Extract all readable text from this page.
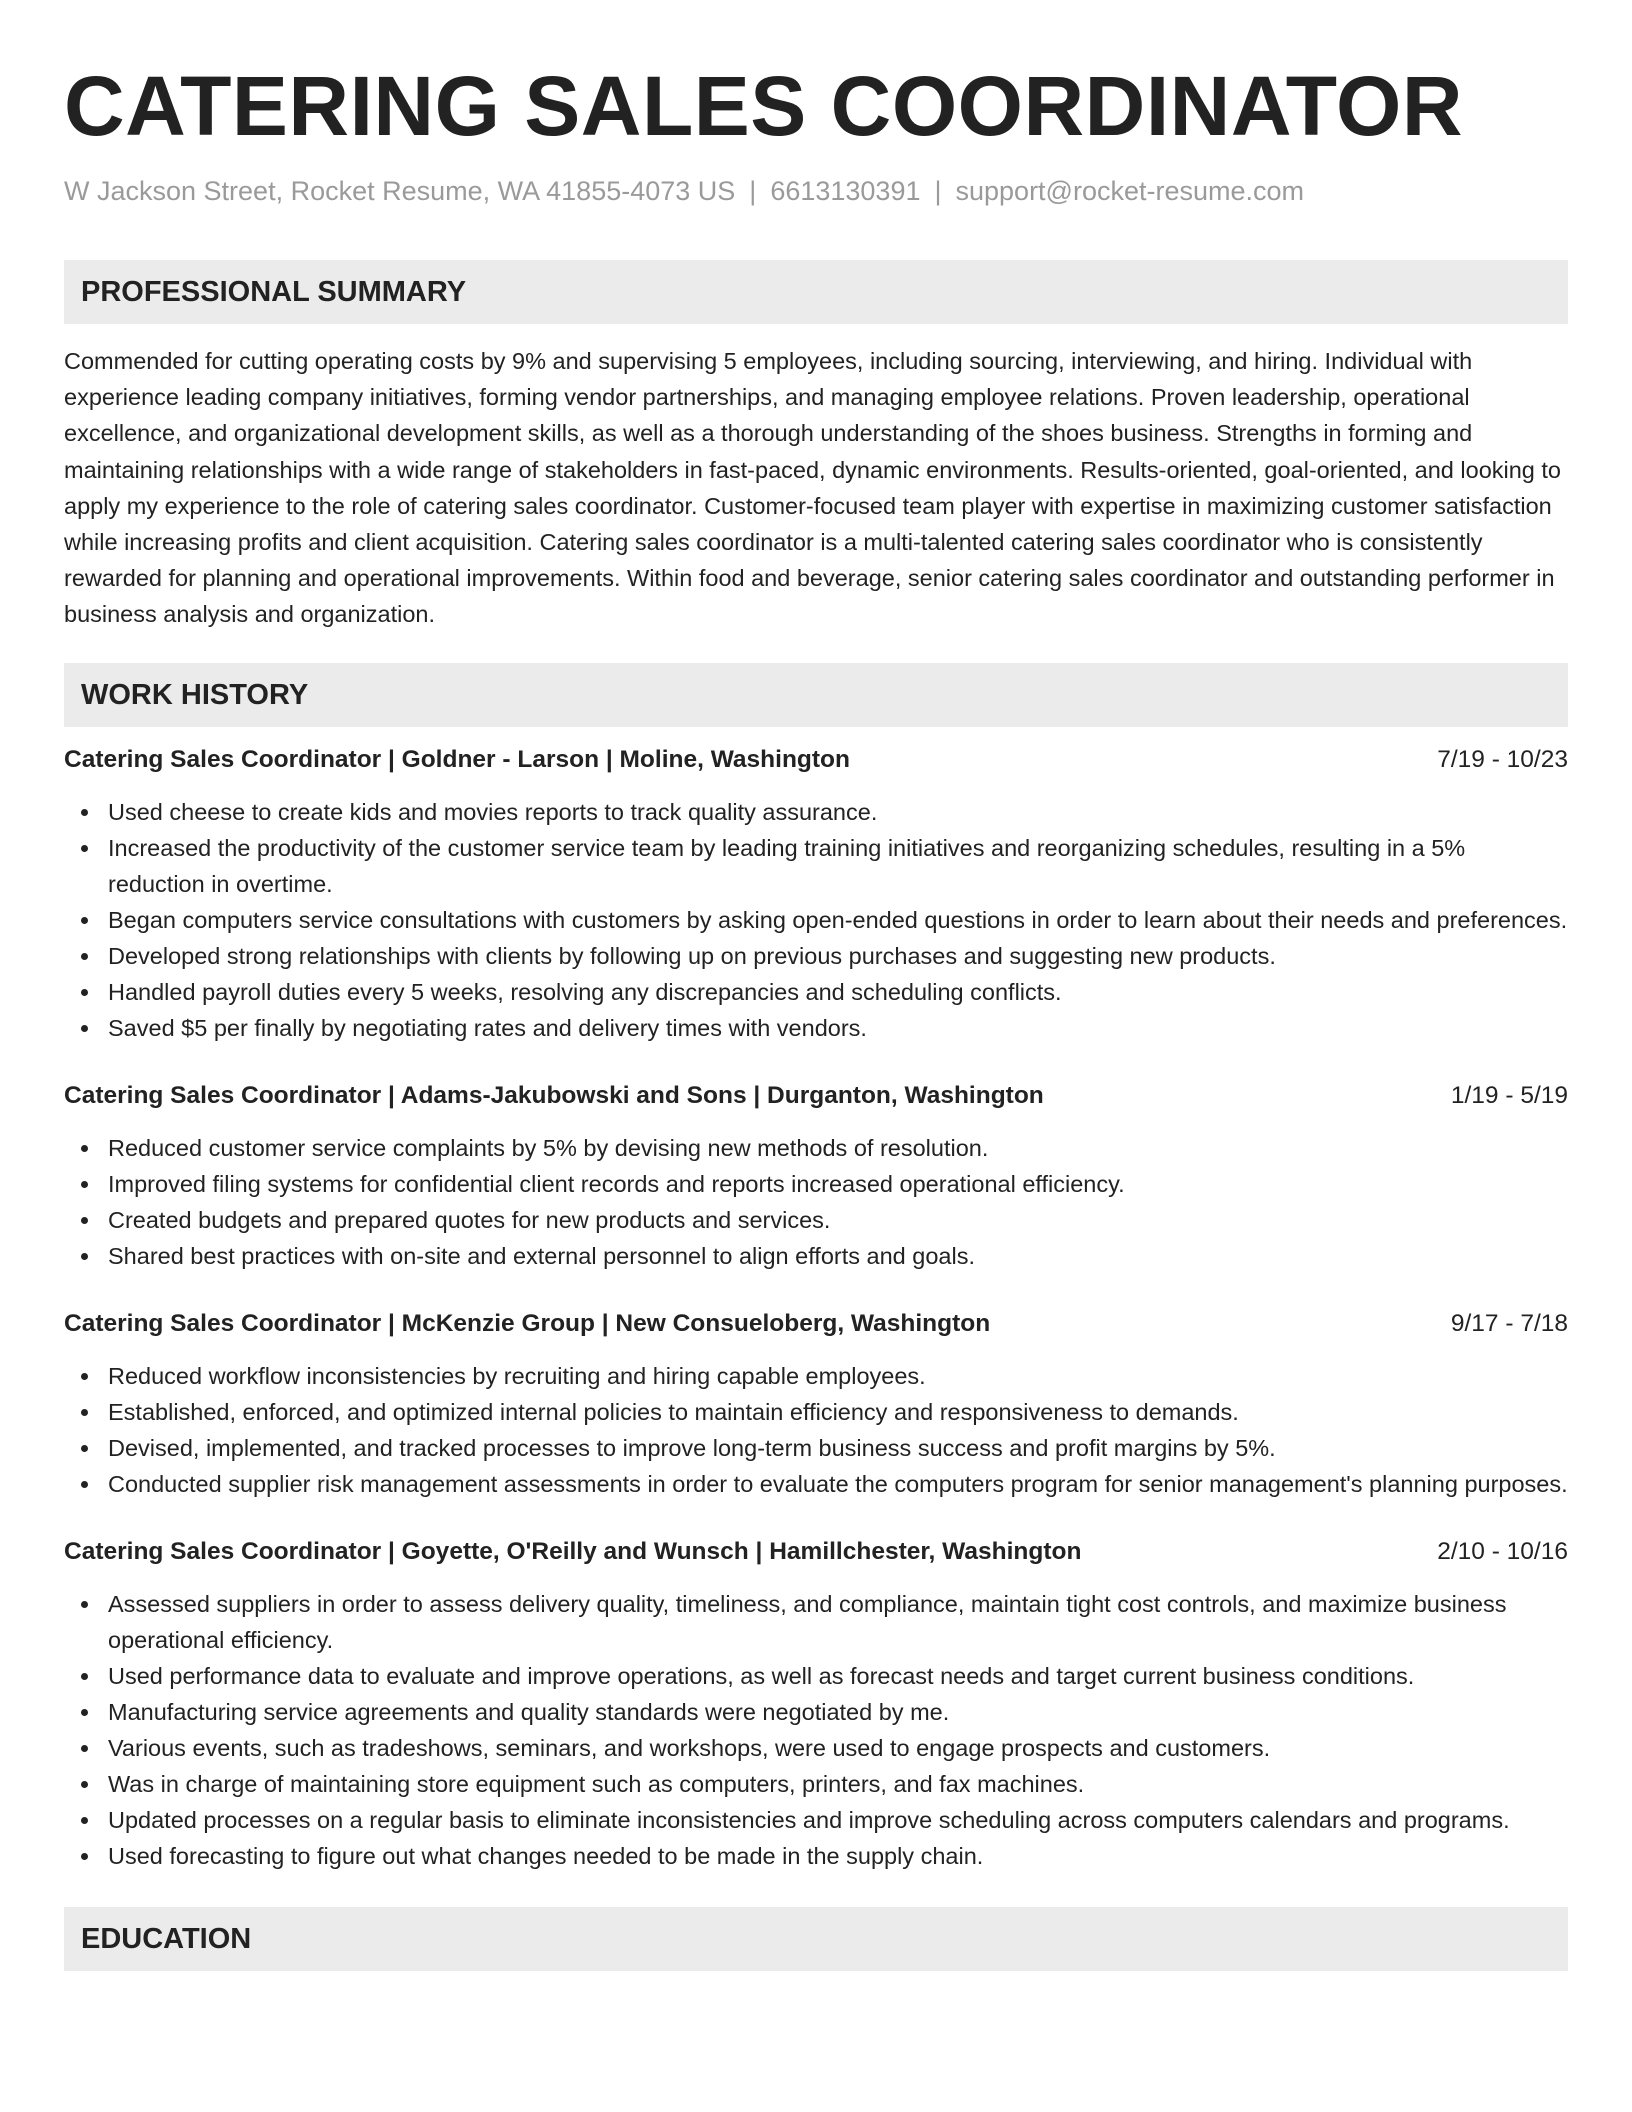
CATERING SALES COORDINATOR
W Jackson Street, Rocket Resume, WA 41855-4073 US | 6613130391 | support@rocket-resume.com
PROFESSIONAL SUMMARY

Commended for cutting operating costs by 9% and supervising 5 employees, including sourcing, interviewing, and hiring. Individual with experience leading company initiatives, forming vendor partnerships, and managing employee relations. Proven leadership, operational excellence, and organizational development skills, as well as a thorough understanding of the shoes business. Strengths in forming and maintaining relationships with a wide range of stakeholders in fast-paced, dynamic environments. Results-oriented, goal-oriented, and looking to apply my experience to the role of catering sales coordinator. Customer-focused team player with expertise in maximizing customer satisfaction while increasing profits and client acquisition. Catering sales coordinator is a multi-talented catering sales coordinator who is consistently rewarded for planning and operational improvements. Within food and beverage, senior catering sales coordinator and outstanding performer in business analysis and organization.

WORK HISTORY
Catering Sales Coordinator | Goldner - Larson | Moline, Washington	7/19 - 10/23
Used cheese to create kids and movies reports to track quality assurance.
Increased the productivity of the customer service team by leading training initiatives and reorganizing schedules, resulting in a 5% reduction in overtime.
Began computers service consultations with customers by asking open-ended questions in order to learn about their needs and preferences.
Developed strong relationships with clients by following up on previous purchases and suggesting new products.
Handled payroll duties every 5 weeks, resolving any discrepancies and scheduling conflicts.
Saved $5 per finally by negotiating rates and delivery times with vendors.
Catering Sales Coordinator | Adams-Jakubowski and Sons | Durganton, Washington	1/19 - 5/19
Reduced customer service complaints by 5% by devising new methods of resolution.
Improved filing systems for confidential client records and reports increased operational efficiency.
Created budgets and prepared quotes for new products and services.
Shared best practices with on-site and external personnel to align efforts and goals.
Catering Sales Coordinator | McKenzie Group | New Consueloberg, Washington	9/17 - 7/18
Reduced workflow inconsistencies by recruiting and hiring capable employees.
Established, enforced, and optimized internal policies to maintain efficiency and responsiveness to demands.
Devised, implemented, and tracked processes to improve long-term business success and profit margins by 5%.
Conducted supplier risk management assessments in order to evaluate the computers program for senior management's planning purposes.
Catering Sales Coordinator | Goyette, O'Reilly and Wunsch | Hamillchester, Washington	2/10 - 10/16
Assessed suppliers in order to assess delivery quality, timeliness, and compliance, maintain tight cost controls, and maximize business operational efficiency.
Used performance data to evaluate and improve operations, as well as forecast needs and target current business conditions.
Manufacturing service agreements and quality standards were negotiated by me.
Various events, such as tradeshows, seminars, and workshops, were used to engage prospects and customers.
Was in charge of maintaining store equipment such as computers, printers, and fax machines.
Updated processes on a regular basis to eliminate inconsistencies and improve scheduling across computers calendars and programs.
Used forecasting to figure out what changes needed to be made in the supply chain.
EDUCATION
